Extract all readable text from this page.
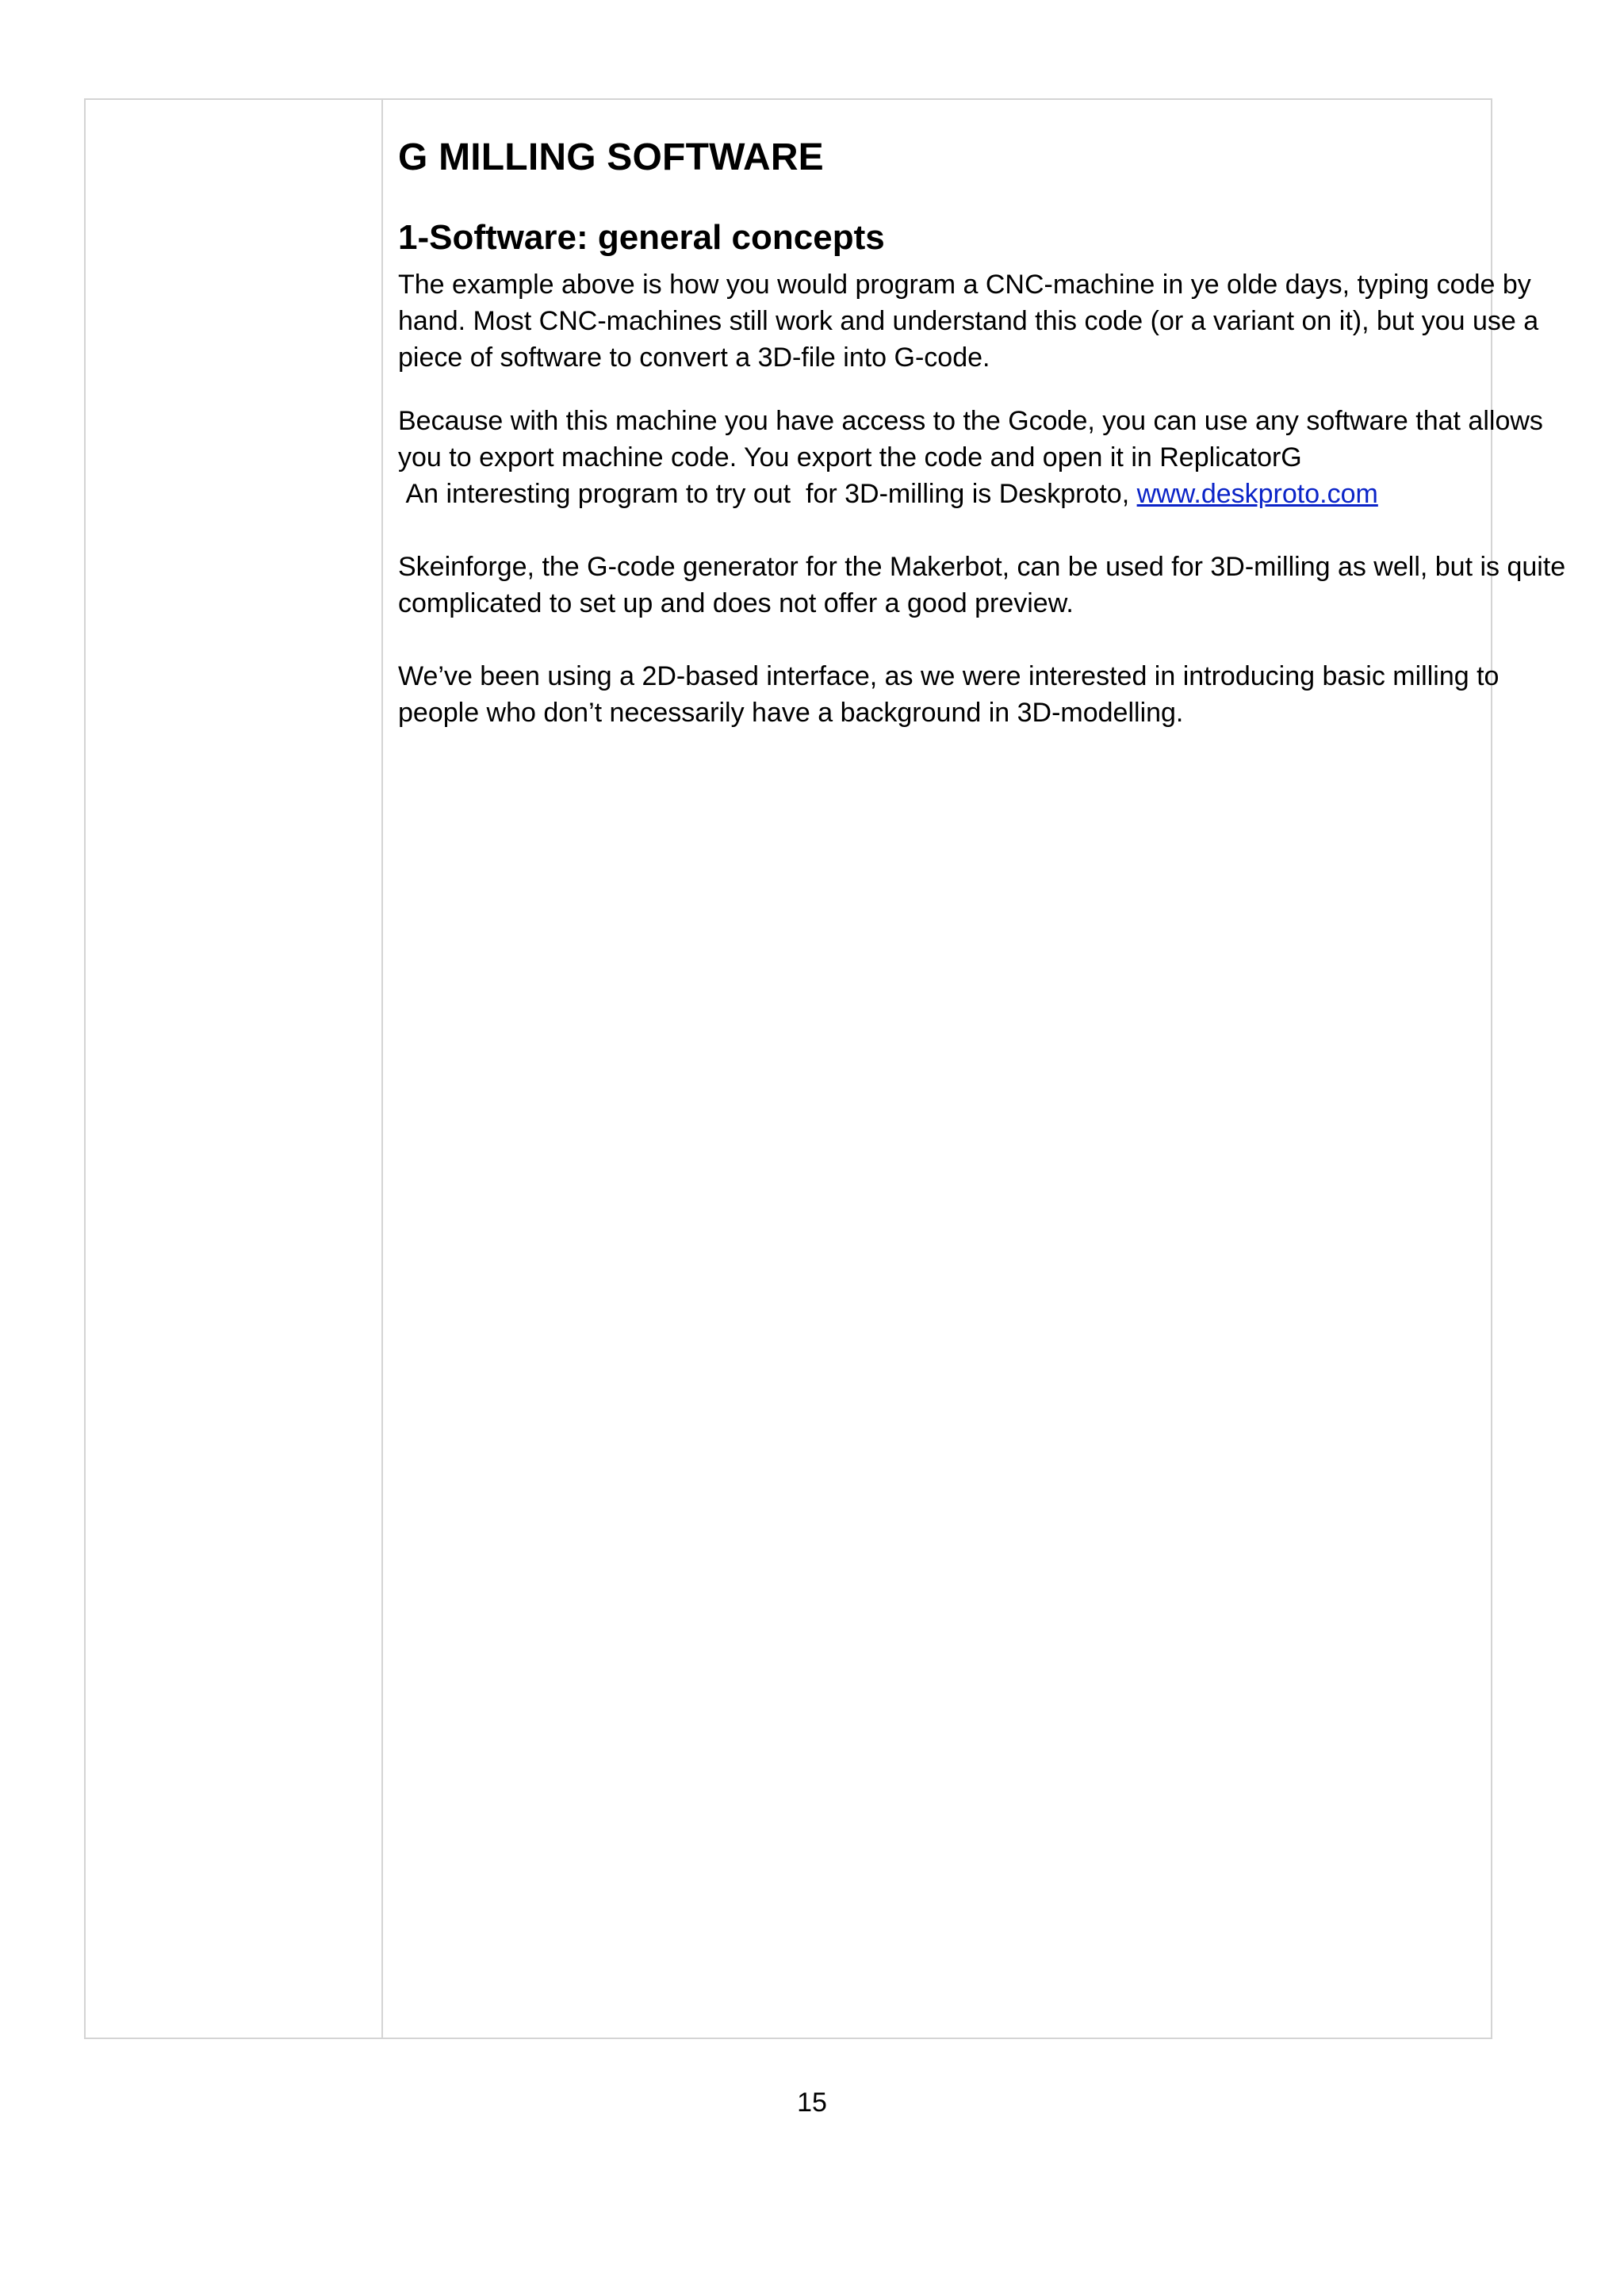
G MILLING SOFTWARE
1-Software: general concepts

The example above is how you would program a CNC-machine in ye olde days, typing code by hand. Most CNC-machines still work and understand this code (or a variant on it), but you use a piece of software to convert a 3D-file into G-code.

Because with this machine you have access to the Gcode, you can use any software that allows you to export machine code. You export the code and open it in ReplicatorG
An interesting program to try out  for 3D-milling is Deskproto, www.deskproto.com

Skeinforge, the G-code generator for the Makerbot, can be used for 3D-milling as well, but is quite complicated to set up and does not offer a good preview.

We’ve been using a 2D-based interface, as we were interested in introducing basic milling to people who don’t necessarily have a background in 3D-modelling.

15
